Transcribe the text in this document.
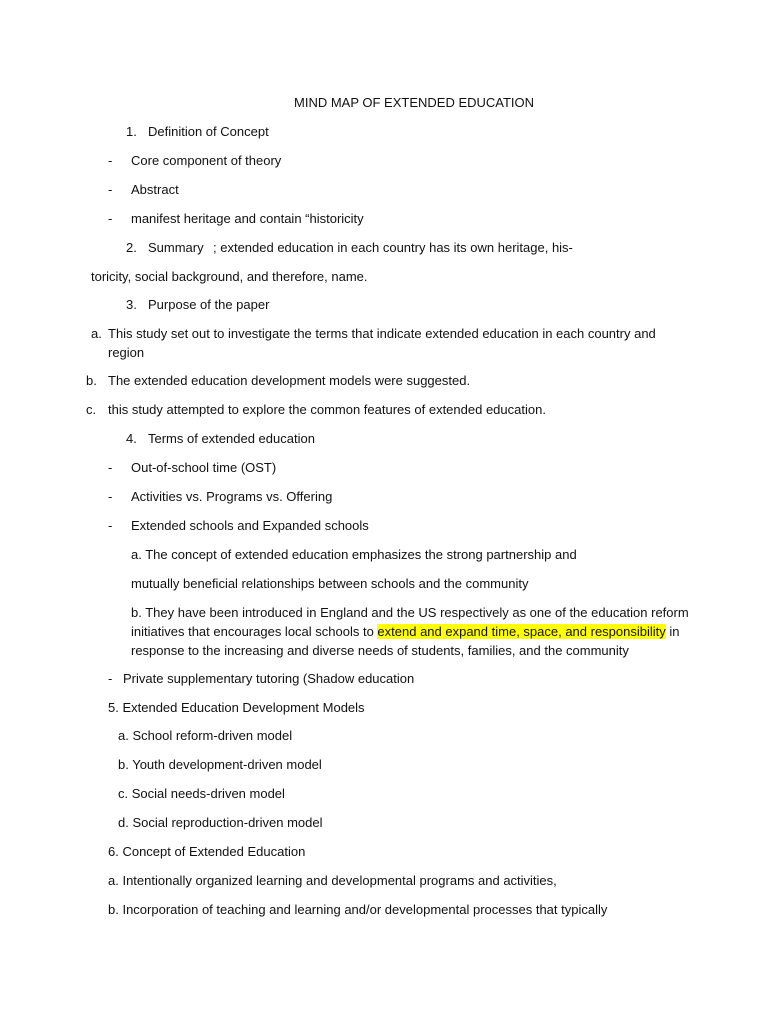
MIND MAP OF EXTENDED EDUCATION
1. Definition of Concept
- Core component of theory
- Abstract
- manifest heritage and contain “historicity
2. Summary ; extended education in each country has its own heritage, his-
toricity, social background, and therefore, name.
3. Purpose of the paper
a. This study set out to investigate the terms that indicate extended education in each country and
region
b. The extended education development models were suggested.
c. this study attempted to explore the common features of extended education.
4. Terms of extended education
- Out-of-school time (OST)
- Activities vs. Programs vs. Offering
- Extended schools and Expanded schools
a. The concept of extended education emphasizes the strong partnership and
mutually beneficial relationships between schools and the community
b. They have been introduced in England and the US respectively as one of the education reform
initiatives that encourages local schools to extend and expand time, space, and responsibility in
response to the increasing and diverse needs of students, families, and the community
- Private supplementary tutoring (Shadow education
5. Extended Education Development Models
a. School reform-driven model
b. Youth development-driven model
c. Social needs-driven model
d. Social reproduction-driven model
6. Concept of Extended Education
a. Intentionally organized learning and developmental programs and activities,
b. Incorporation of teaching and learning and/or developmental processes that typically
